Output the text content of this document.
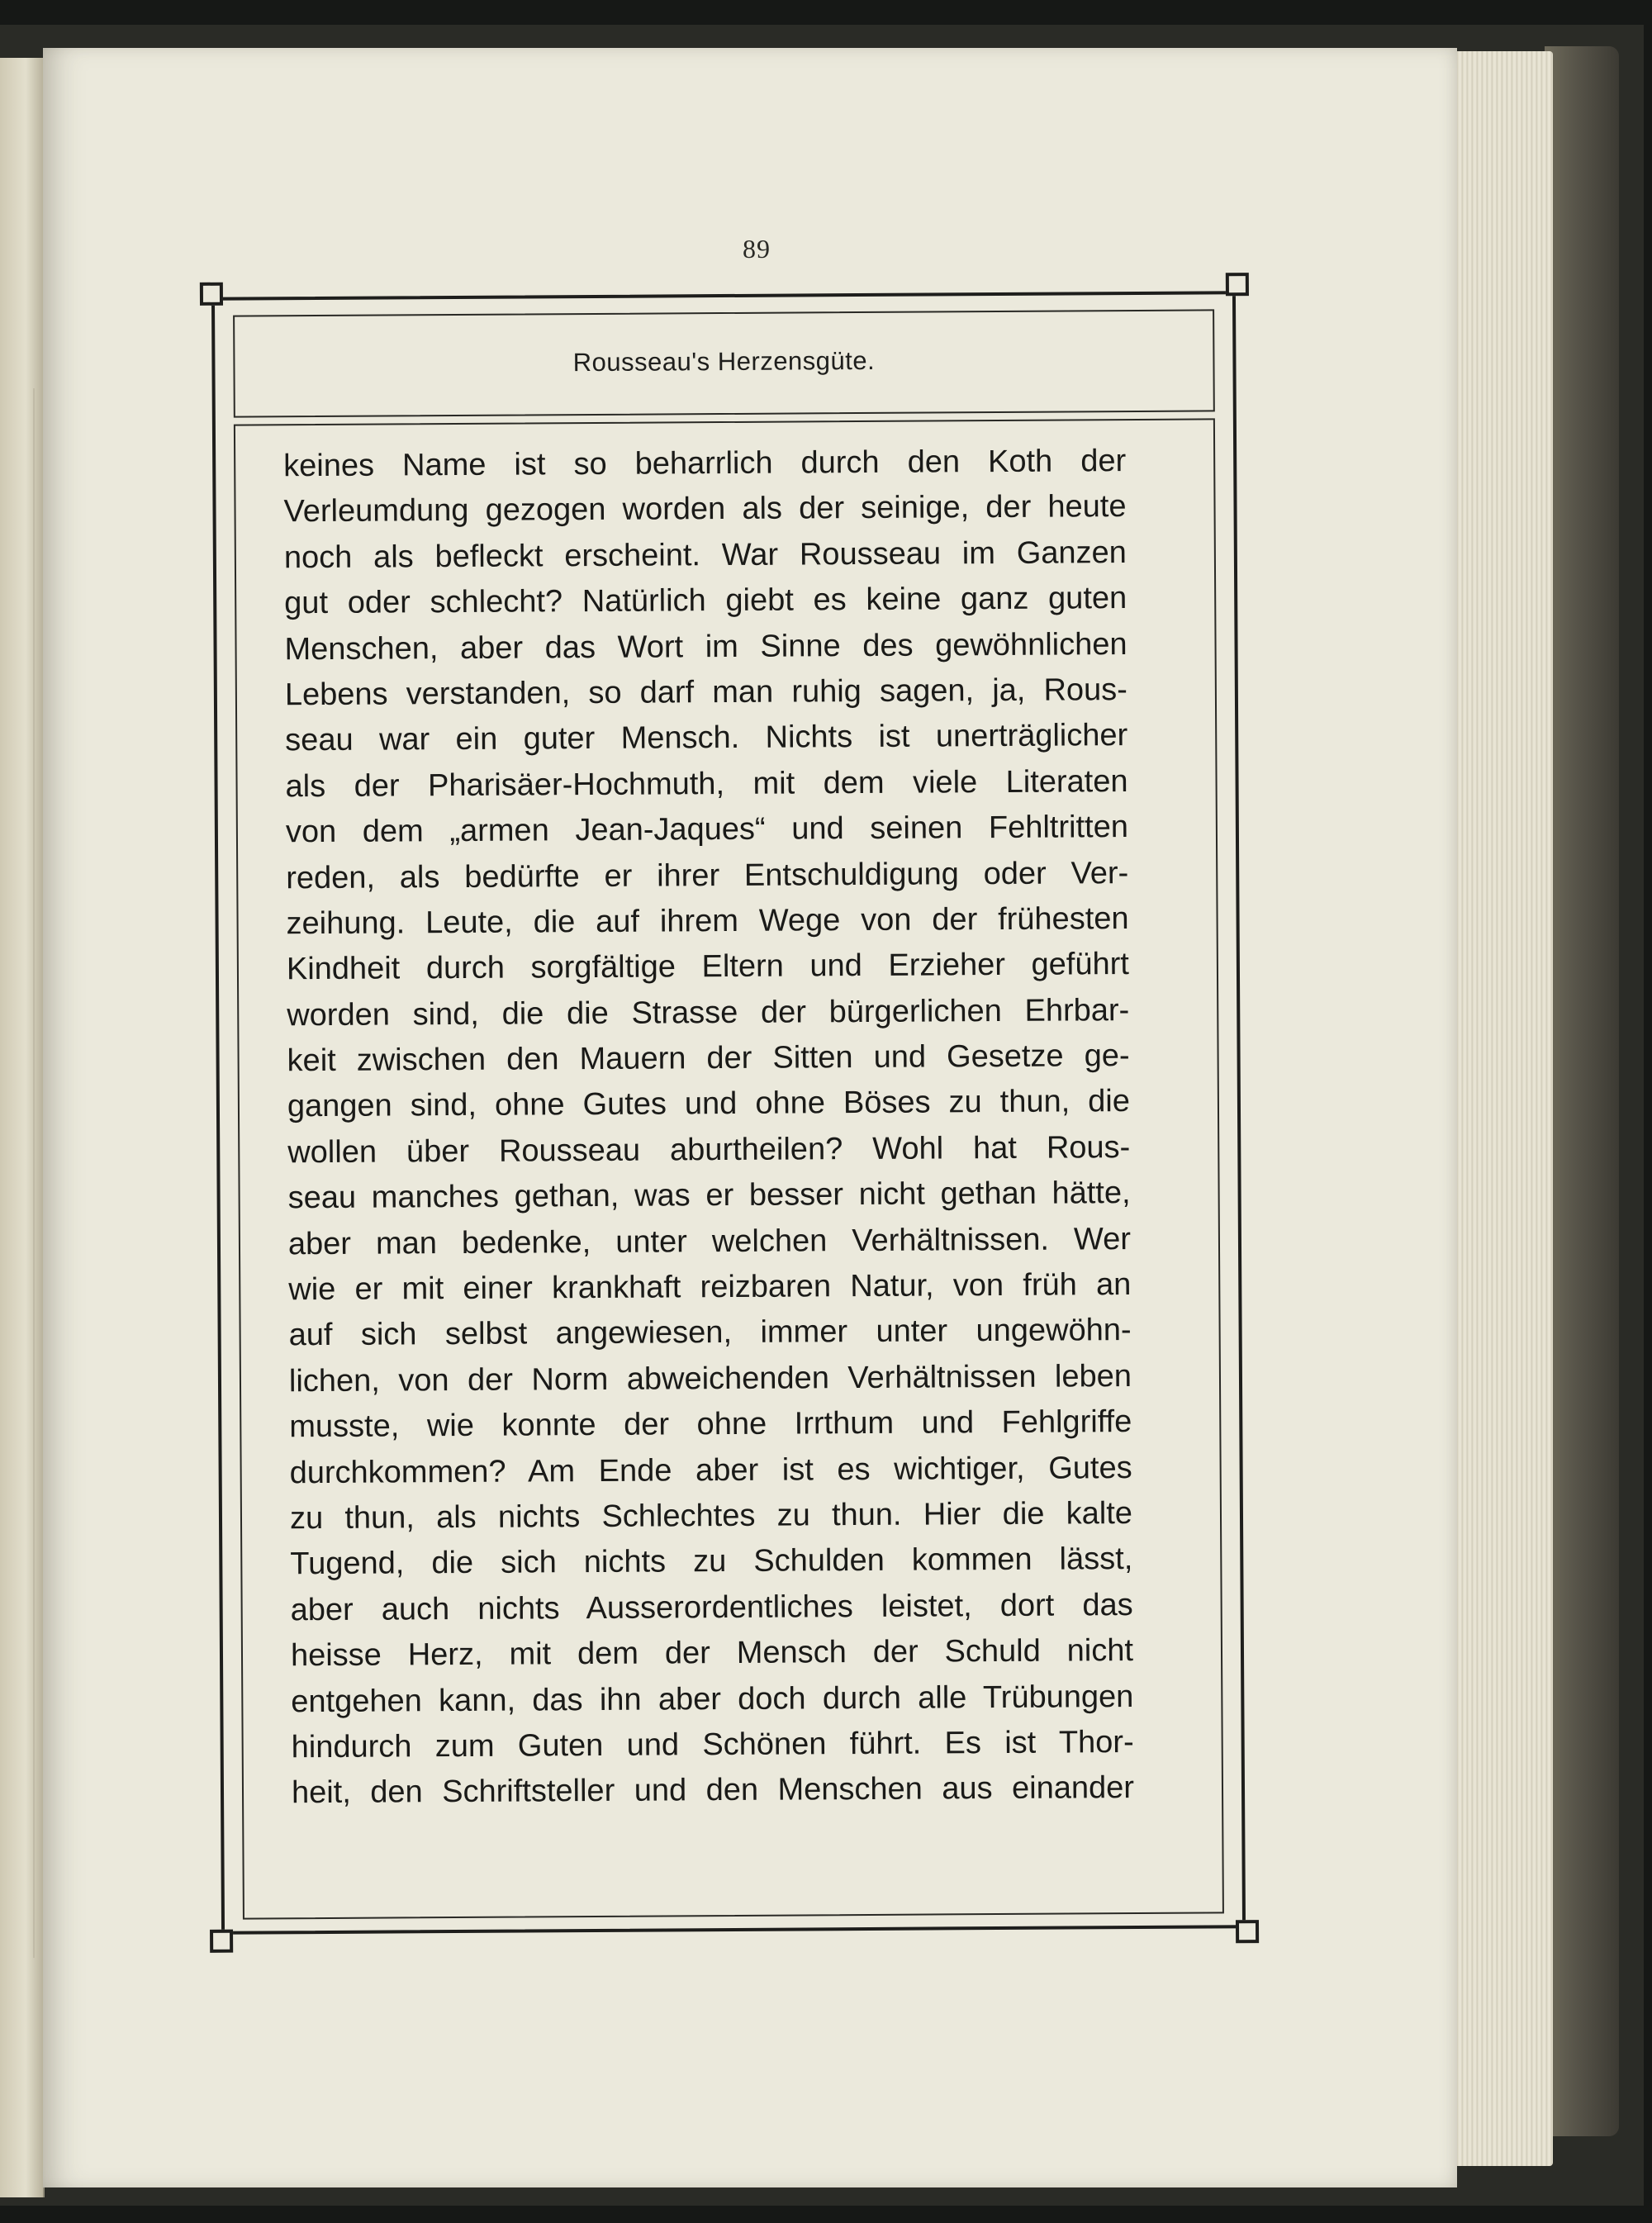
89
Rousseau's Herzensgüte.
keines Name ist so beharrlich durch den Koth der
Verleumdung gezogen worden als der seinige, der heute
noch als befleckt erscheint. War Rousseau im Ganzen
gut oder schlecht? Natürlich giebt es keine ganz guten
Menschen, aber das Wort im Sinne des gewöhnlichen
Lebens verstanden, so darf man ruhig sagen, ja, Rous-
seau war ein guter Mensch. Nichts ist unerträglicher
als der Pharisäer-Hochmuth, mit dem viele Literaten
von dem „armen Jean-Jaques“ und seinen Fehltritten
reden, als bedürfte er ihrer Entschuldigung oder Ver-
zeihung. Leute, die auf ihrem Wege von der frühesten
Kindheit durch sorgfältige Eltern und Erzieher geführt
worden sind, die die Strasse der bürgerlichen Ehrbar-
keit zwischen den Mauern der Sitten und Gesetze ge-
gangen sind, ohne Gutes und ohne Böses zu thun, die
wollen über Rousseau aburtheilen? Wohl hat Rous-
seau manches gethan, was er besser nicht gethan hätte,
aber man bedenke, unter welchen Verhältnissen. Wer
wie er mit einer krankhaft reizbaren Natur, von früh an
auf sich selbst angewiesen, immer unter ungewöhn-
lichen, von der Norm abweichenden Verhältnissen leben
musste, wie konnte der ohne Irrthum und Fehlgriffe
durchkommen? Am Ende aber ist es wichtiger, Gutes
zu thun, als nichts Schlechtes zu thun. Hier die kalte
Tugend, die sich nichts zu Schulden kommen lässt,
aber auch nichts Ausserordentliches leistet, dort das
heisse Herz, mit dem der Mensch der Schuld nicht
entgehen kann, das ihn aber doch durch alle Trübungen
hindurch zum Guten und Schönen führt. Es ist Thor-
heit, den Schriftsteller und den Menschen aus einander
